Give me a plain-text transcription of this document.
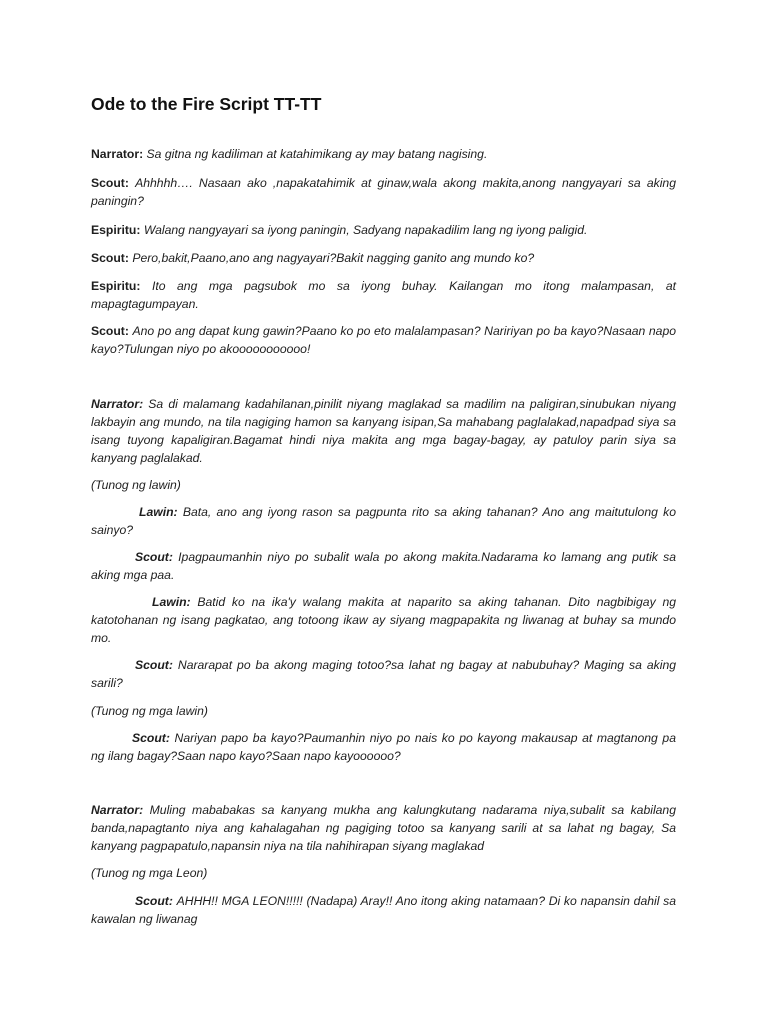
Ode to the Fire Script TT-TT
Narrator: Sa gitna ng kadiliman at katahimikang ay may batang nagising.
Scout: Ahhhhh…. Nasaan ako ,napakatahimik at ginaw,wala akong makita,anong nangyayari sa aking paningin?
Espiritu: Walang nangyayari sa iyong paningin, Sadyang napakadilim lang ng iyong paligid.
Scout: Pero,bakit,Paano,ano ang nagyayari?Bakit nagging ganito ang mundo ko?
Espiritu: Ito ang mga pagsubok mo sa iyong buhay. Kailangan mo itong malampasan, at mapagtagumpayan.
Scout: Ano po ang dapat kung gawin?Paano ko po eto malalampasan? Naririyan po ba kayo?Nasaan napo kayo?Tulungan niyo po akooooooooooo!
Narrator: Sa di malamang kadahilanan,pinilit niyang maglakad sa madilim na paligiran,sinubukan niyang lakbayin ang mundo, na tila nagiging hamon sa kanyang isipan,Sa mahabang paglalakad,napadpad siya sa isang tuyong kapaligiran.Bagamat hindi niya makita ang mga bagay-bagay, ay patuloy parin siya sa kanyang paglalakad.
(Tunog ng lawin)
Lawin: Bata, ano ang iyong rason sa pagpunta rito sa aking tahanan? Ano ang maitutulong ko sainyo?
Scout: Ipagpaumanhin niyo po subalit wala po akong makita.Nadarama ko lamang ang putik sa aking mga paa.
Lawin: Batid ko na ika'y walang makita at naparito sa aking tahanan. Dito nagbibigay ng katotohanan ng isang pagkatao, ang totoong ikaw ay siyang magpapakita ng liwanag at buhay sa mundo mo.
Scout: Nararapat po ba akong maging totoo?sa lahat ng bagay at nabubuhay? Maging sa aking sarili?
(Tunog ng mga lawin)
Scout: Nariyan papo ba kayo?Paumanhin niyo po nais ko po kayong makausap at magtanong pa ng ilang bagay?Saan napo kayo?Saan napo kayoooooo?
Narrator: Muling mababakas sa kanyang mukha ang kalungkutang nadarama niya,subalit sa kabilang banda,napagtanto niya ang kahalagahan ng pagiging totoo sa kanyang sarili at sa lahat ng bagay, Sa kanyang pagpapatulo,napansin niya na tila nahihirapan siyang maglakad
(Tunog ng mga Leon)
Scout: AHHH!! MGA LEON!!!!! (Nadapa) Aray!! Ano itong aking natamaan? Di ko napansin dahil sa kawalan ng liwanag
